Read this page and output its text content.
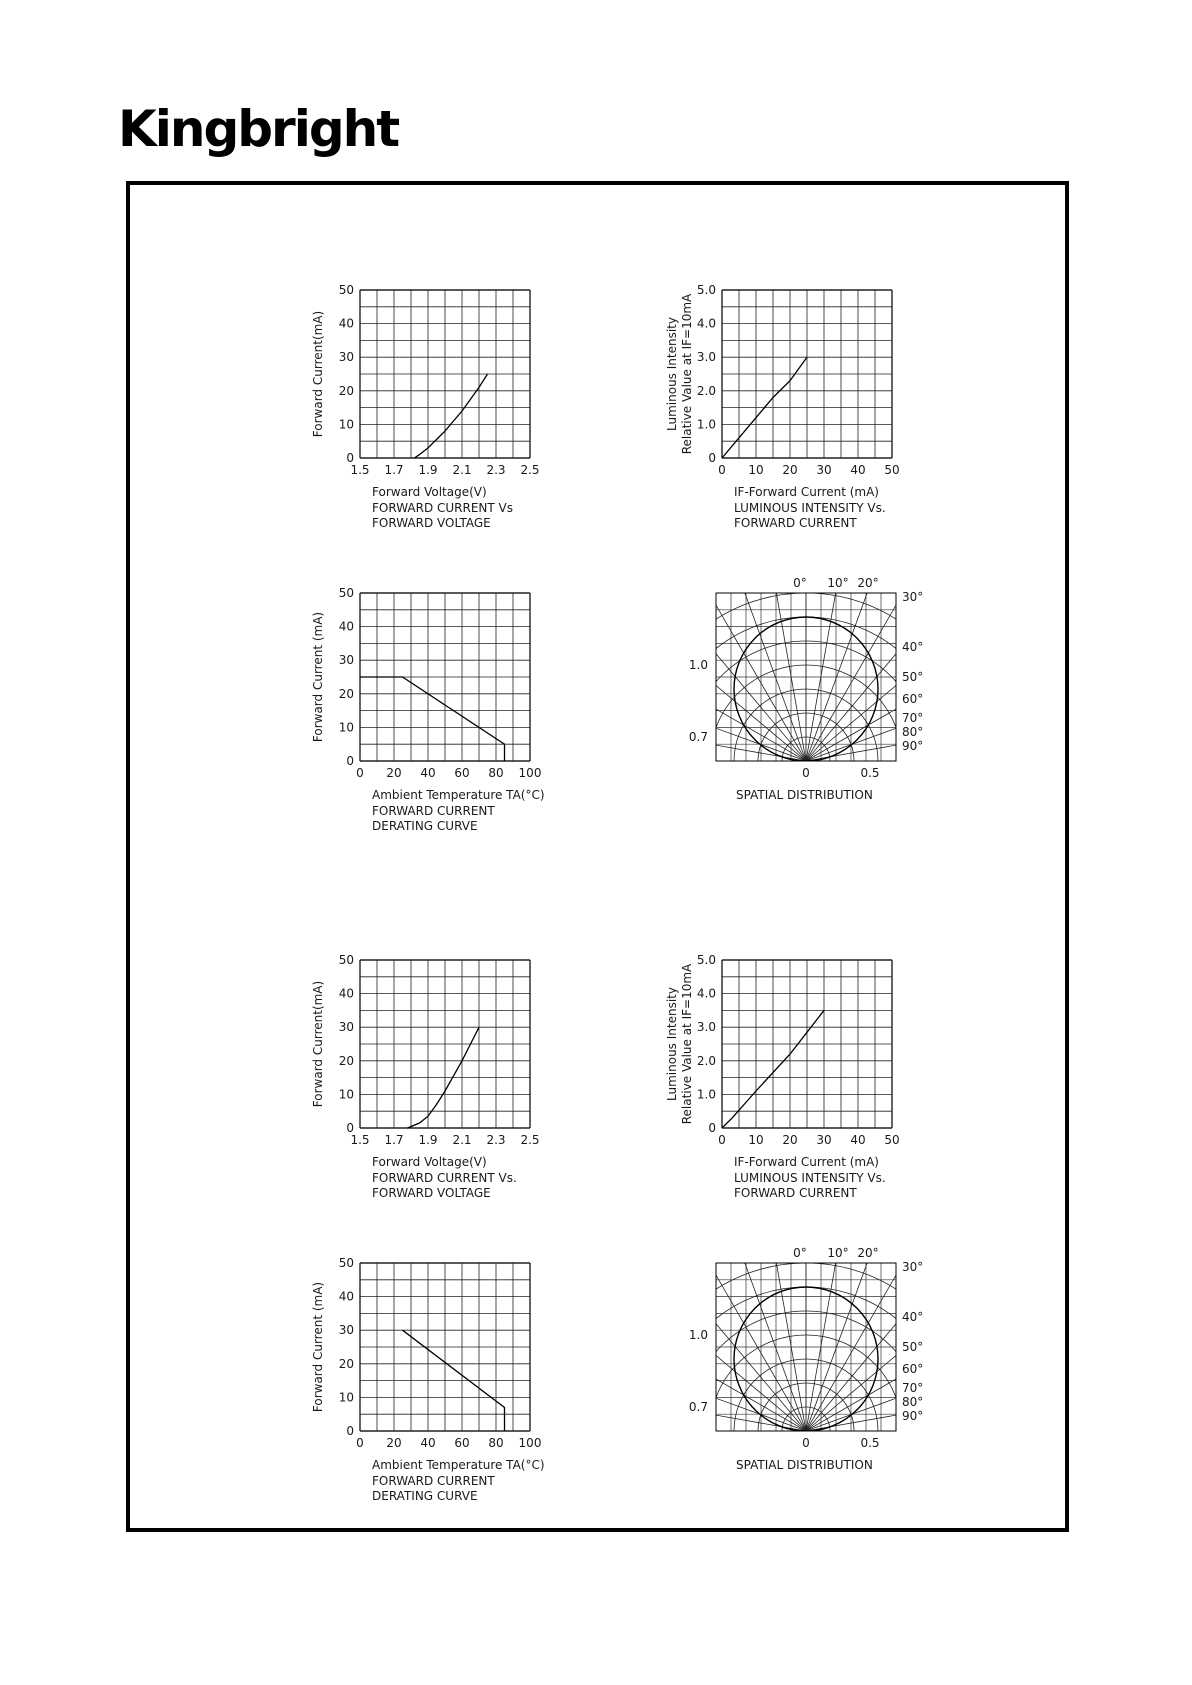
Kingbright
1.5 1.7 1.9 2.1 2.3 2.5
0
10
20
30
40
50
Forward Current(mA)
Forward Voltage(V)
FORWARD CURRENT Vs
FORWARD VOLTAGE
0 10 20 30 40 50
0
1.0
2.0
3.0
4.0
5.0
Luminous Intensity Relative Value at IF=10mA
IF-Forward Current (mA)
LUMINOUS INTENSITY Vs.
FORWARD CURRENT
0 20 40 60 80 100
0
10
20
30
40
50
Forward Current (mA)
Ambient Temperature TA(°C)
FORWARD CURRENT
DERATING CURVE
0° 10° 20°
30°
40°
50°
60°
70°
80°
90°
1.0
0.7
0	0.5
SPATIAL DISTRIBUTION
1.5 1.7 1.9 2.1 2.3 2.5
0
10
20
30
40
50
Forward Current(mA)
Forward Voltage(V)
FORWARD CURRENT Vs.
FORWARD VOLTAGE
0 10 20 30 40 50
0
1.0
2.0
3.0
4.0
5.0
Luminous Intensity Relative Value at IF=10mA
IF-Forward Current (mA)
LUMINOUS INTENSITY Vs.
FORWARD CURRENT
0 20 40 60 80 100
0
10
20
30
40
50
Forward Current (mA)
Ambient Temperature TA(°C)
FORWARD CURRENT
DERATING CURVE
0° 10° 20°
30°
40°
50°
60°
70°
80°
90°
1.0
0.7
0	0.5
SPATIAL DISTRIBUTION
